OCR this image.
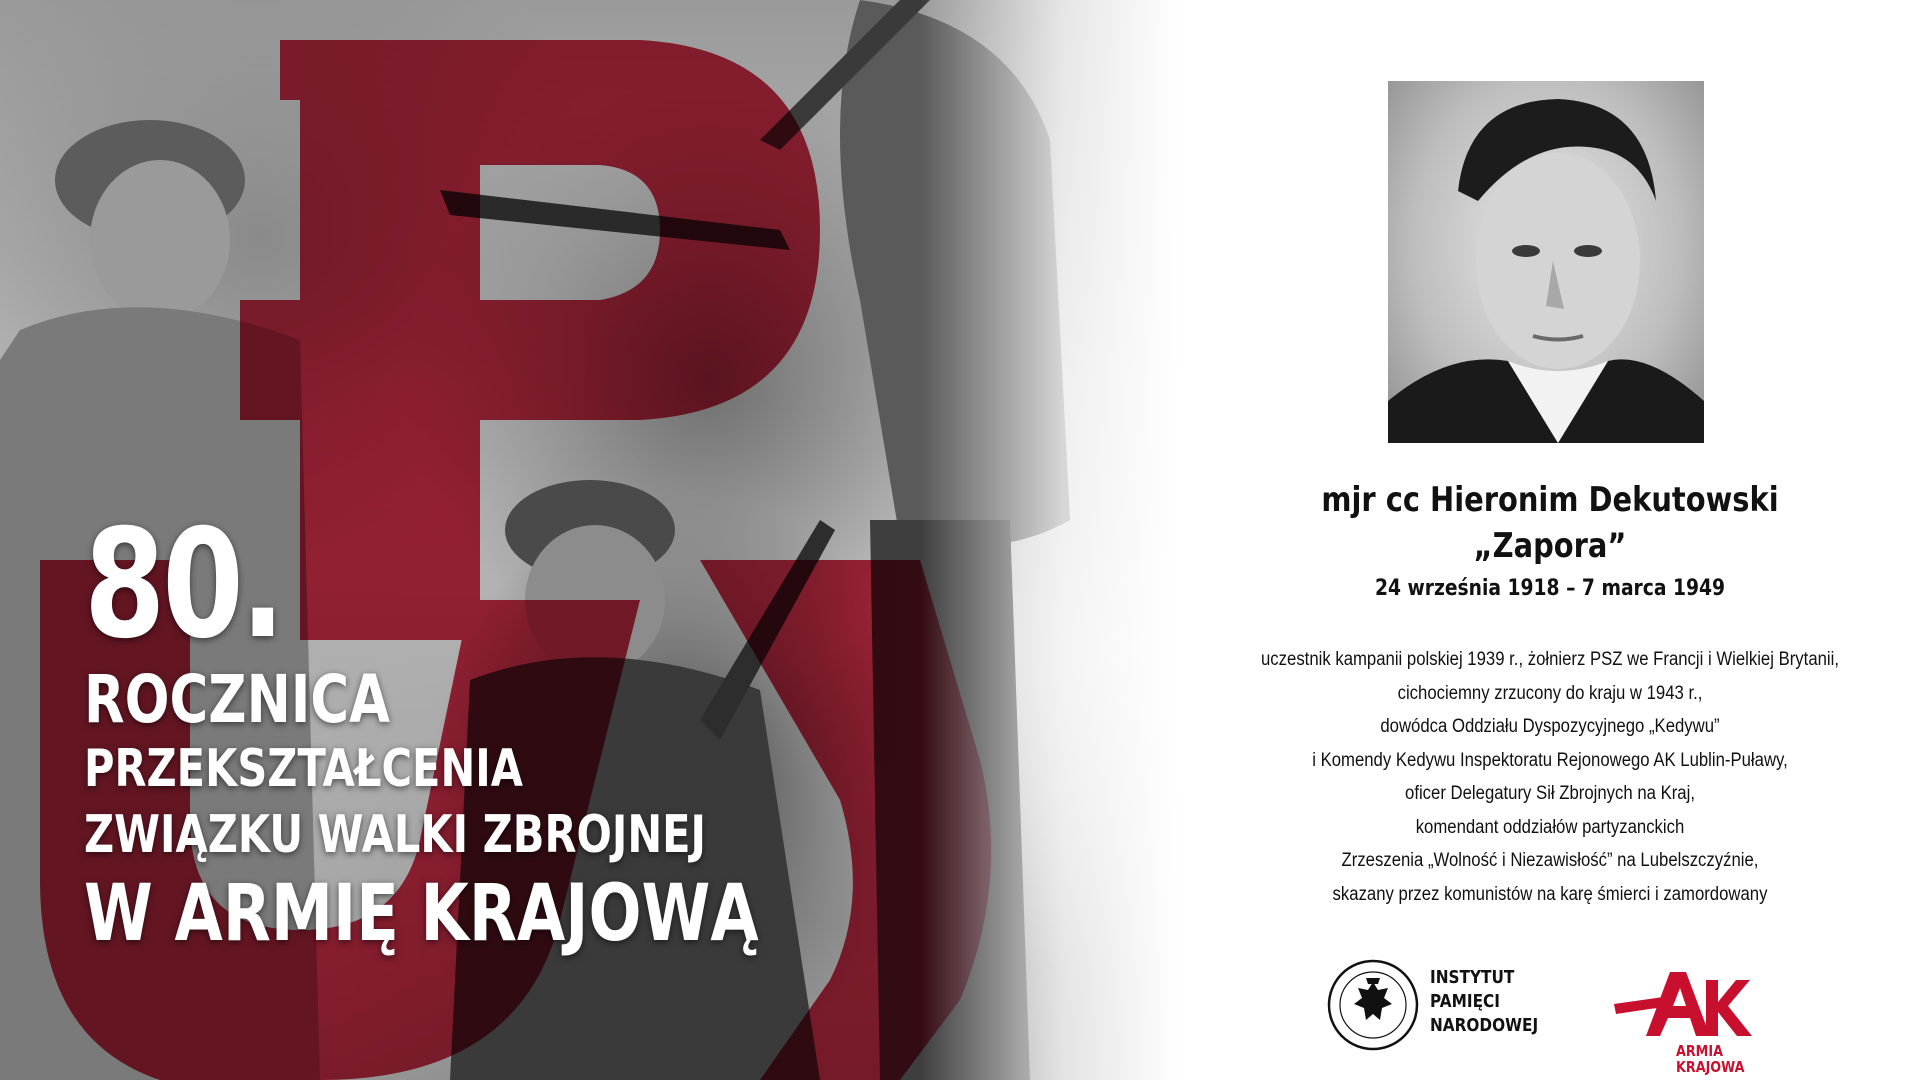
80.
ROCZNICA
PRZEKSZTAŁCENIA
ZWIĄZKU WALKI ZBROJNEJ
W ARMIĘ KRAJOWĄ
mjr cc Hieronim Dekutowski
„Zapora”
24 września 1918 – 7 marca 1949
uczestnik kampanii polskiej 1939 r., żołnierz PSZ we Francji i Wielkiej Brytanii,
cichociemny zrzucony do kraju w 1943 r.,
dowódca Oddziału Dyspozycyjnego „Kedywu”
i Komendy Kedywu Inspektoratu Rejonowego AK Lublin-Puławy,
oficer Delegatury Sił Zbrojnych na Kraj,
komendant oddziałów partyzanckich
Zrzeszenia „Wolność i Niezawisłość” na Lubelszczyźnie,
skazany przez komunistów na karę śmierci i zamordowany
INSTYTUT
PAMIĘCI
NARODOWEJ
ARMIA
KRAJOWA
